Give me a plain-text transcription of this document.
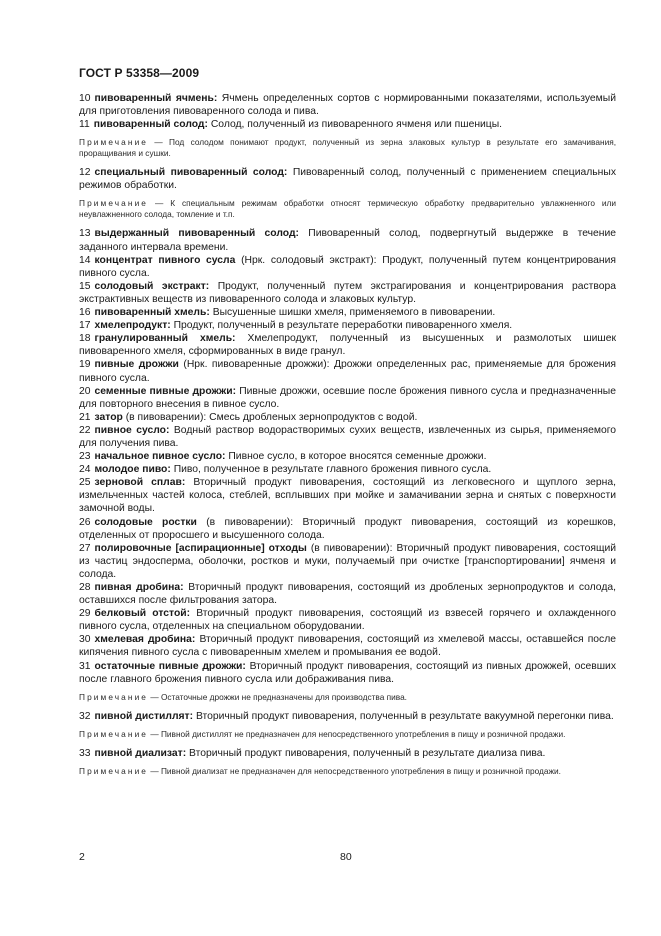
ГОСТ Р 53358—2009
10 пивоваренный ячмень: Ячмень определенных сортов с нормированными показателями, используемый для приготовления пивоваренного солода и пива.
11 пивоваренный солод: Солод, полученный из пивоваренного ячменя или пшеницы.
Примечание — Под солодом понимают продукт, полученный из зерна злаковых культур в результате его замачивания, проращивания и сушки.
12 специальный пивоваренный солод: Пивоваренный солод, полученный с применением специальных режимов обработки.
Примечание — К специальным режимам обработки относят термическую обработку предварительно увлажненного или неувлажненного солода, томление и т.п.
13 выдержанный пивоваренный солод: Пивоваренный солод, подвергнутый выдержке в течение заданного интервала времени.
14 концентрат пивного сусла (Нрк. солодовый экстракт): Продукт, полученный путем концентрирования пивного сусла.
15 солодовый экстракт: Продукт, полученный путем экстрагирования и концентрирования раствора экстрактивных веществ из пивоваренного солода и злаковых культур.
16 пивоваренный хмель: Высушенные шишки хмеля, применяемого в пивоварении.
17 хмелепродукт: Продукт, полученный в результате переработки пивоваренного хмеля.
18 гранулированный хмель: Хмелепродукт, полученный из высушенных и размолотых шишек пивоваренного хмеля, сформированных в виде гранул.
19 пивные дрожжи (Нрк. пивоваренные дрожжи): Дрожжи определенных рас, применяемые для брожения пивного сусла.
20 семенные пивные дрожжи: Пивные дрожжи, осевшие после брожения пивного сусла и предназначенные для повторного внесения в пивное сусло.
21 затор (в пивоварении): Смесь дробленых зернопродуктов с водой.
22 пивное сусло: Водный раствор водорастворимых сухих веществ, извлеченных из сырья, применяемого для получения пива.
23 начальное пивное сусло: Пивное сусло, в которое вносятся семенные дрожжи.
24 молодое пиво: Пиво, полученное в результате главного брожения пивного сусла.
25 зерновой сплав: Вторичный продукт пивоварения, состоящий из легковесного и щуплого зерна, измельченных частей колоса, стеблей, всплывших при мойке и замачивании зерна и снятых с поверхности замочной воды.
26 солодовые ростки (в пивоварении): Вторичный продукт пивоварения, состоящий из корешков, отделенных от проросшего и высушенного солода.
27 полировочные [аспирационные] отходы (в пивоварении): Вторичный продукт пивоварения, состоящий из частиц эндосперма, оболочки, ростков и муки, получаемый при очистке [транспортировании] ячменя и солода.
28 пивная дробина: Вторичный продукт пивоварения, состоящий из дробленых зернопродуктов и солода, оставшихся после фильтрования затора.
29 белковый отстой: Вторичный продукт пивоварения, состоящий из взвесей горячего и охлажденного пивного сусла, отделенных на специальном оборудовании.
30 хмелевая дробина: Вторичный продукт пивоварения, состоящий из хмелевой массы, оставшейся после кипячения пивного сусла с пивоваренным хмелем и промывания ее водой.
31 остаточные пивные дрожжи: Вторичный продукт пивоварения, состоящий из пивных дрожжей, осевших после главного брожения пивного сусла или дображивания пива.
Примечание — Остаточные дрожжи не предназначены для производства пива.
32 пивной дистиллят: Вторичный продукт пивоварения, полученный в результате вакуумной перегонки пива.
Примечание — Пивной дистиллят не предназначен для непосредственного употребления в пищу и розничной продажи.
33 пивной диализат: Вторичный продукт пивоварения, полученный в результате диализа пива.
Примечание — Пивной диализат не предназначен для непосредственного употребления в пищу и розничной продажи.
2	80
